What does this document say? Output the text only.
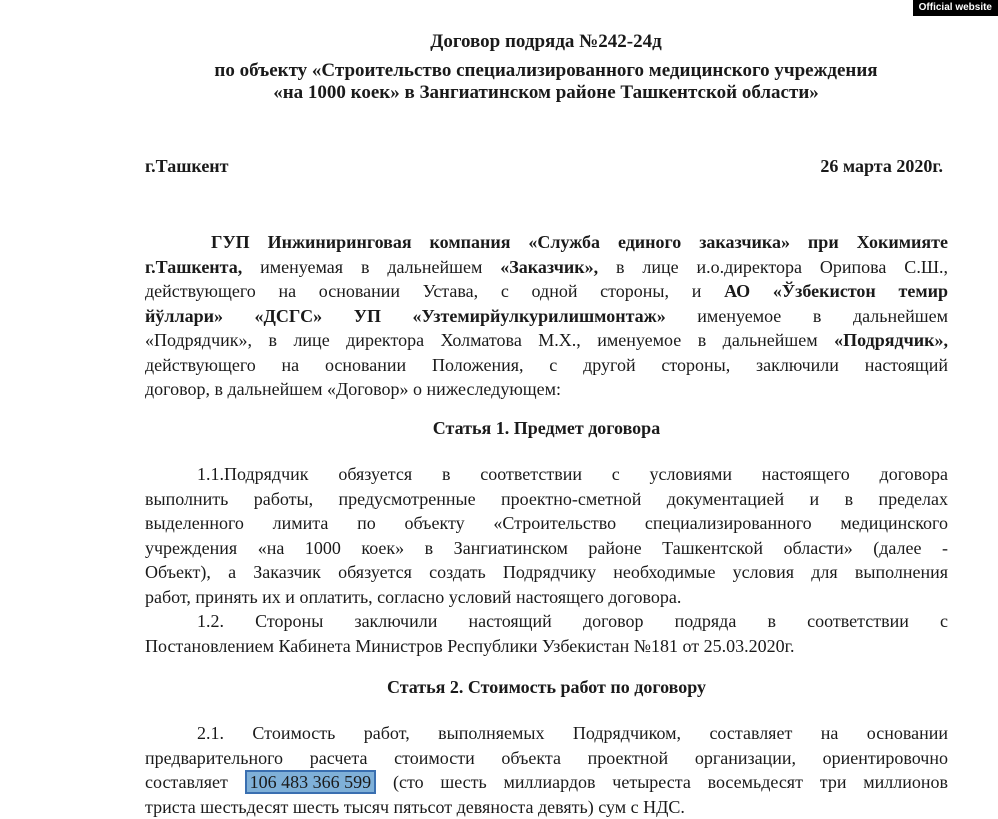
Official website
Договор подряда №242-24д
по объекту «Строительство специализированного медицинского учреждения
«на 1000 коек» в Зангиатинском районе Ташкентской области»
г.Ташкент	26 марта 2020г.
ГУП Инжиниринговая компания «Служба единого заказчика» при Хокимияте
г.Ташкента, именуемая в дальнейшем «Заказчик», в лице и.о.директора Орипова С.Ш.,
действующего на основании Устава, с одной стороны, и АО «Ўзбекистон темир
йўллари» «ДСГС» УП «Узтемирйулкурилишмонтаж» именуемое в дальнейшем
«Подрядчик», в лице директора Холматова М.Х., именуемое в дальнейшем «Подрядчик»,
действующего на основании Положения, с другой стороны, заключили настоящий
договор, в дальнейшем «Договор» о нижеследующем:
Статья 1. Предмет договора
1.1.Подрядчик обязуется в соответствии с условиями настоящего договора
выполнить работы, предусмотренные проектно-сметной документацией и в пределах
выделенного лимита по объекту «Строительство специализированного медицинского
учреждения «на 1000 коек» в Зангиатинском районе Ташкентской области» (далее -
Объект), а Заказчик обязуется создать Подрядчику необходимые условия для выполнения
работ, принять их и оплатить, согласно условий настоящего договора.
1.2. Стороны заключили настоящий договор подряда в соответствии с
Постановлением Кабинета Министров Республики Узбекистан №181 от 25.03.2020г.
Статья 2. Стоимость работ по договору
2.1. Стоимость работ, выполняемых Подрядчиком, составляет на основании
предварительного расчета стоимости объекта проектной организации, ориентировочно
составляет 106 483 366 599 (сто шесть миллиардов четыреста восемьдесят три миллионов
триста шестьдесят шесть тысяч пятьсот девяноста девять) сум с НДС.
